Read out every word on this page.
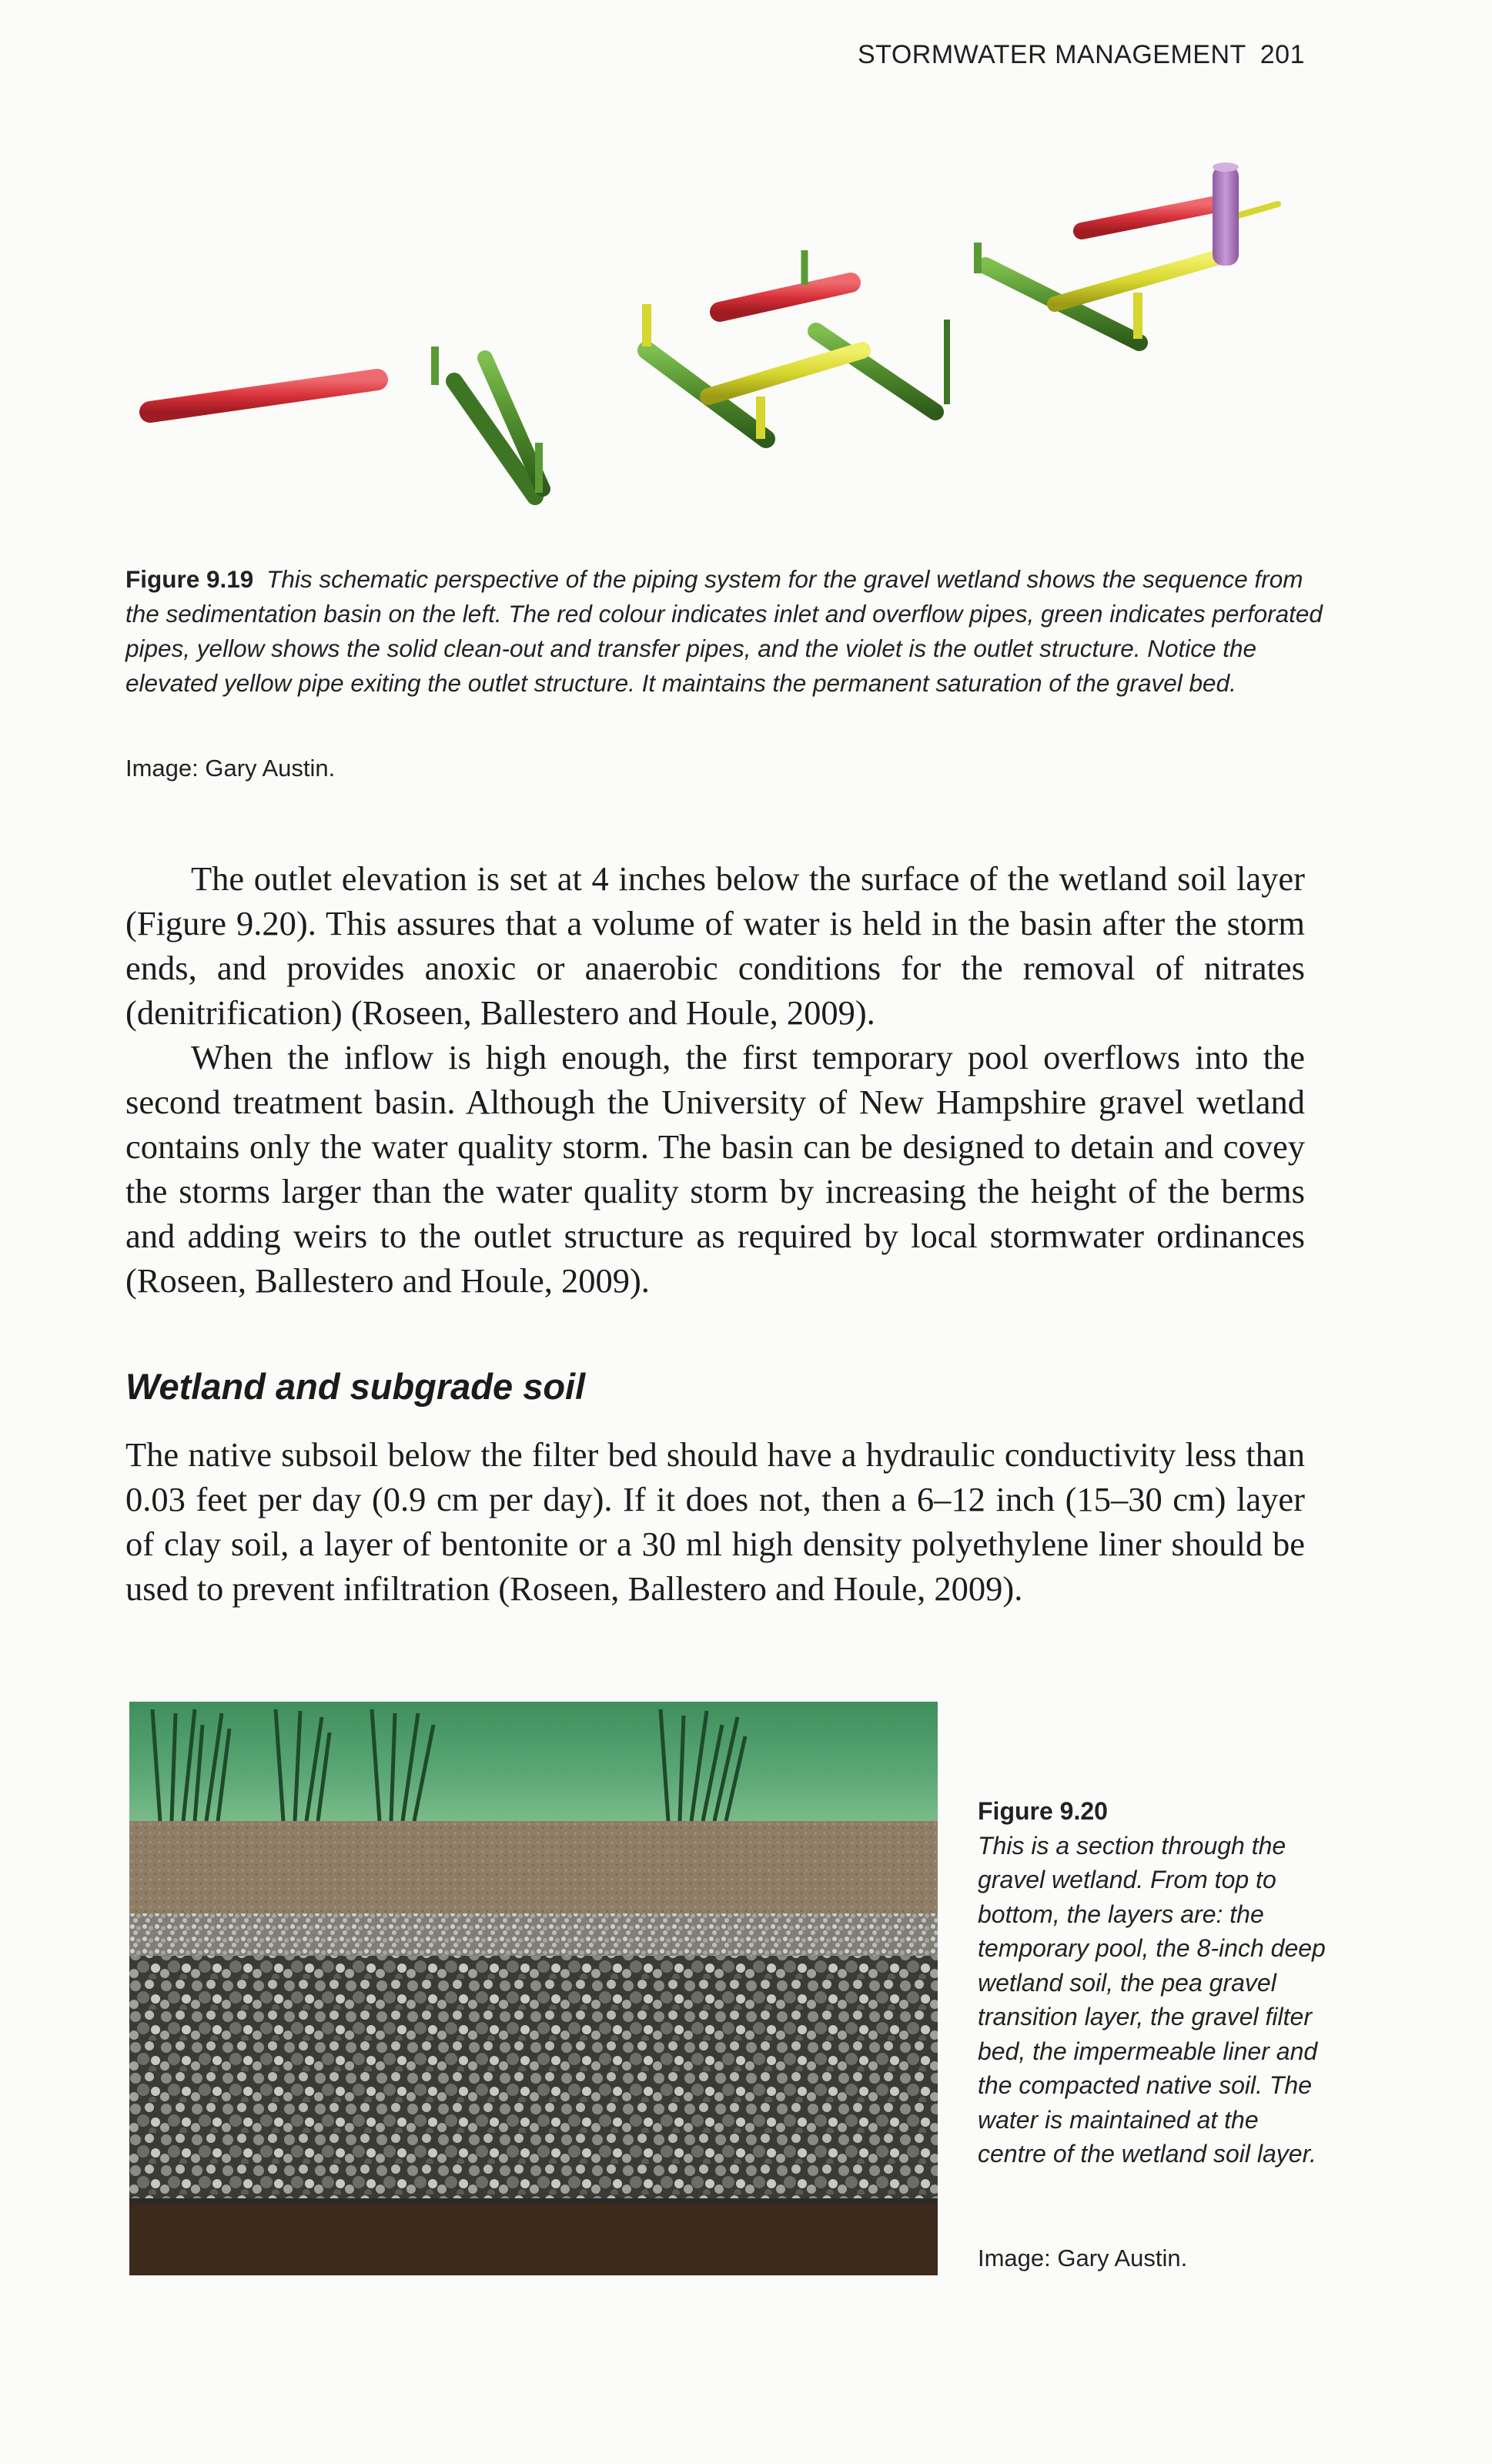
STORMWATER MANAGEMENT 201
Figure 9.19 This schematic perspective of the piping system for the gravel wetland shows the sequence from the sedimentation basin on the left. The red colour indicates inlet and overflow pipes, green indicates perforated pipes, yellow shows the solid clean-out and transfer pipes, and the violet is the outlet structure. Notice the elevated yellow pipe exiting the outlet structure. It maintains the permanent saturation of the gravel bed.
Image: Gary Austin.

The outlet elevation is set at 4 inches below the surface of the wetland soil layer (Figure 9.20). This assures that a volume of water is held in the basin after the storm ends, and provides anoxic or anaerobic conditions for the removal of nitrates (denitrification) (Roseen, Ballestero and Houle, 2009).

When the inflow is high enough, the first temporary pool overflows into the second treatment basin. Although the University of New Hampshire gravel wetland contains only the water quality storm. The basin can be designed to detain and covey the storms larger than the water quality storm by increasing the height of the berms and adding weirs to the outlet structure as required by local stormwater ordinances (Roseen, Ballestero and Houle, 2009).

Wetland and subgrade soil

The native subsoil below the filter bed should have a hydraulic conductivity less than 0.03 feet per day (0.9 cm per day). If it does not, then a 6–12 inch (15–30 cm) layer of clay soil, a layer of bentonite or a 30 ml high density polyethylene liner should be used to prevent infiltration (Roseen, Ballestero and Houle, 2009).

Figure 9.20
This is a section through the gravel wetland. From top to bottom, the layers are: the temporary pool, the 8-inch deep wetland soil, the pea gravel transition layer, the gravel filter bed, the impermeable liner and the compacted native soil. The water is maintained at the centre of the wetland soil layer.
Image: Gary Austin.
